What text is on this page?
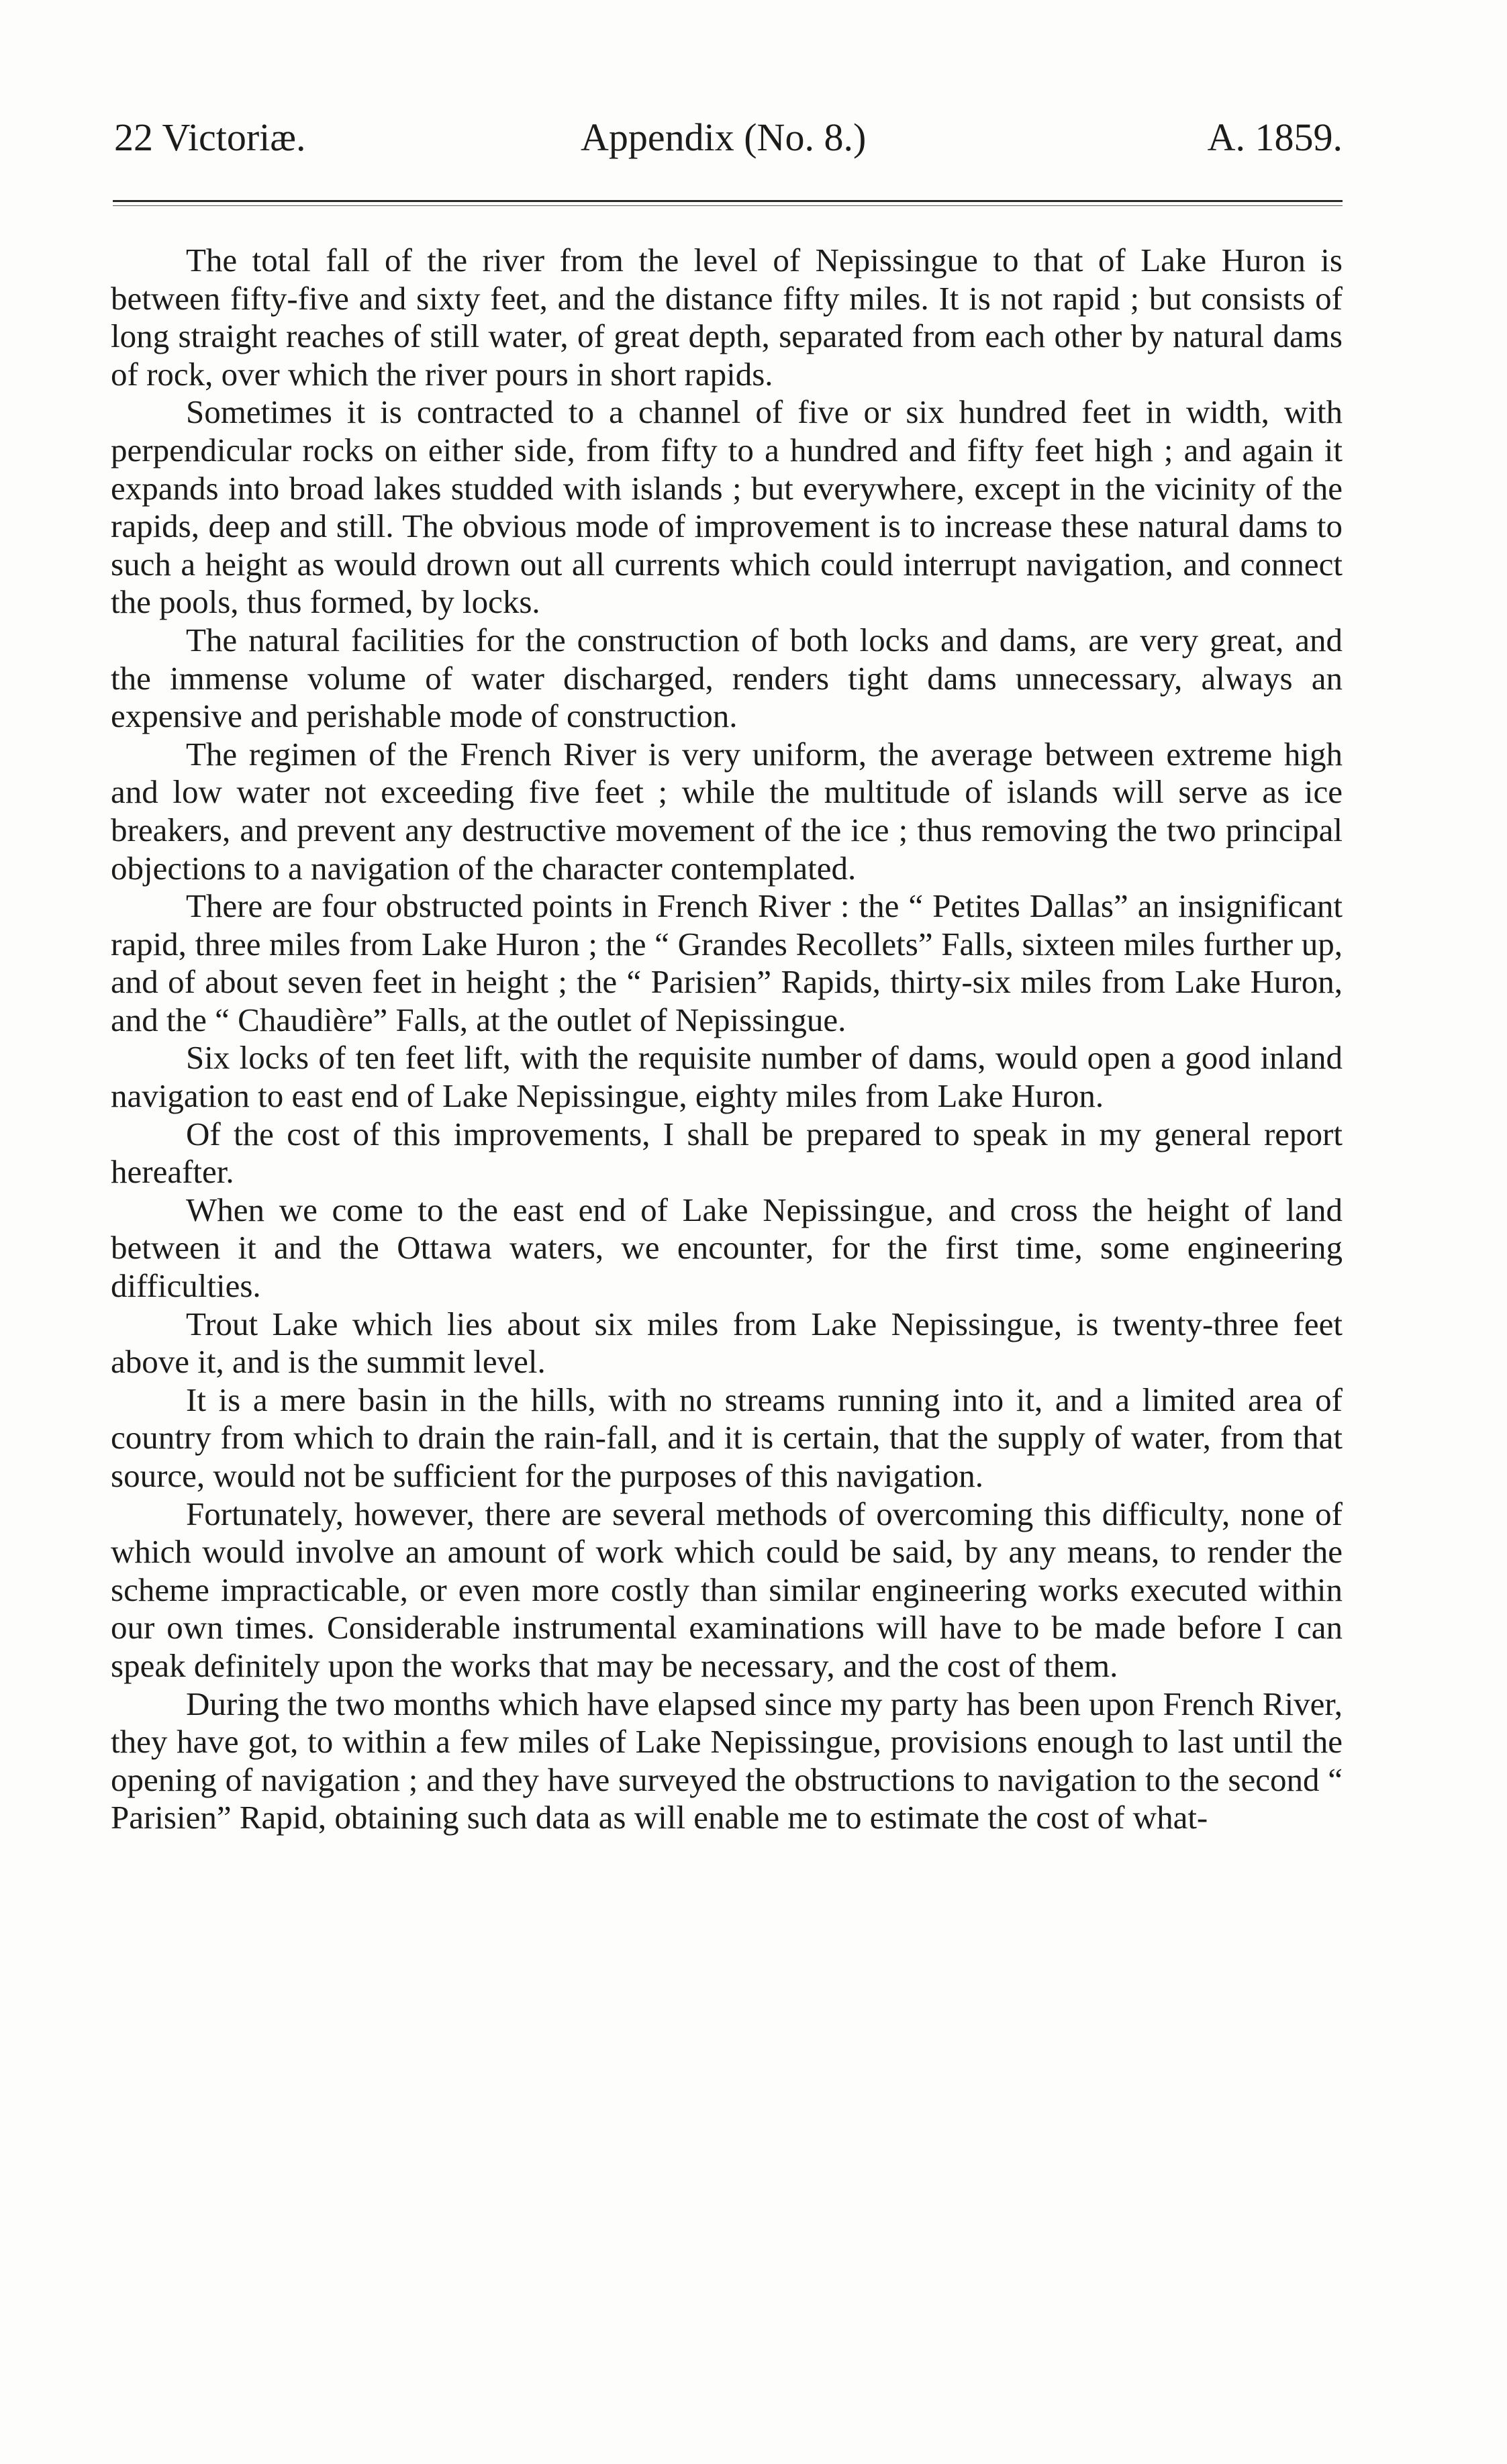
22 Victoriæ.	Appendix (No. 8.)	A. 1859.

The total fall of the river from the level of Nepissingue to that of Lake Huron is between fifty-five and sixty feet, and the distance fifty miles. It is not rapid ; but consists of long straight reaches of still water, of great depth, separated from each other by natural dams of rock, over which the river pours in short rapids.

Sometimes it is contracted to a channel of five or six hundred feet in width, with perpendicular rocks on either side, from fifty to a hundred and fifty feet high ; and again it expands into broad lakes studded with islands ; but everywhere, except in the vicinity of the rapids, deep and still. The obvious mode of improvement is to increase these natural dams to such a height as would drown out all currents which could interrupt navigation, and connect the pools, thus formed, by locks.

The natural facilities for the construction of both locks and dams, are very great, and the immense volume of water discharged, renders tight dams unnecessary, always an expensive and perishable mode of construction.

The regimen of the French River is very uniform, the average between extreme high and low water not exceeding five feet ; while the multitude of islands will serve as ice breakers, and prevent any destructive movement of the ice ; thus removing the two principal objections to a navigation of the character contemplated.

There are four obstructed points in French River : the “ Petites Dallas” an insignificant rapid, three miles from Lake Huron ; the “ Grandes Recollets” Falls, sixteen miles further up, and of about seven feet in height ; the “ Parisien” Rapids, thirty-six miles from Lake Huron, and the “ Chaudière” Falls, at the outlet of Nepissingue.

Six locks of ten feet lift, with the requisite number of dams, would open a good inland navigation to east end of Lake Nepissingue, eighty miles from Lake Huron.

Of the cost of this improvements, I shall be prepared to speak in my general report hereafter.

When we come to the east end of Lake Nepissingue, and cross the height of land between it and the Ottawa waters, we encounter, for the first time, some engineering difficulties.

Trout Lake which lies about six miles from Lake Nepissingue, is twenty-three feet above it, and is the summit level.

It is a mere basin in the hills, with no streams running into it, and a limited area of country from which to drain the rain-fall, and it is certain, that the supply of water, from that source, would not be sufficient for the purposes of this navigation.

Fortunately, however, there are several methods of overcoming this difficulty, none of which would involve an amount of work which could be said, by any means, to render the scheme impracticable, or even more costly than similar engineering works executed within our own times. Considerable instrumental examinations will have to be made before I can speak definitely upon the works that may be necessary, and the cost of them.

During the two months which have elapsed since my party has been upon French River, they have got, to within a few miles of Lake Nepissingue, provisions enough to last until the opening of navigation ; and they have surveyed the obstructions to navigation to the second “ Parisien” Rapid, obtaining such data as will enable me to estimate the cost of what-
